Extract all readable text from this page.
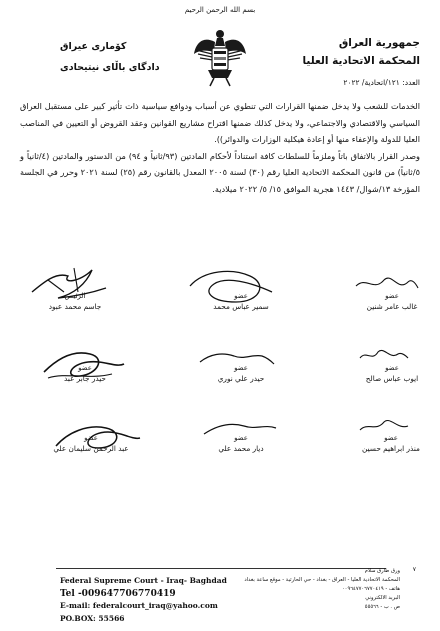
بسم الله الرحمن الرحيم
جمهورية العراق
المحكمة الاتحادية العليا
كۆمارى عيراق
دادگاى باڵاى نيتيحادى
العدد: ١٢١/اتحادية/ ٢٠٢٢

الخدمات للشعب ولا يدخل ضمنها القرارات التي تنطوي عن أسباب ودوافع سياسية ذات تأثير كبير على مستقبل العراق السياسي والاقتصادي والاجتماعي، ولا يدخل كذلك ضمنها اقتراح مشاريع القوانين وعقد القروض أو التعيين في المناصب العليا للدولة والإعفاء منها أو إعادة هيكلية الوزارات والدوائر)).

وصدر القرار بالاتفاق باتاً وملزماً للسلطات كافة استناداً لأحكام المادتين (٩٣/ثانياً و ٩٤) من الدستور والمادتين (٤/ثانياً و ٥/ثانياً) من قانون المحكمة الاتحادية العليا رقم (٣٠) لسنة ٢٠٠٥ المعدل بالقانون رقم (٢٥) لسنة ٢٠٢١ وحرر في الجلسة المؤرخة ١٣/شوال/ ١٤٤٣ هجرية الموافق ١٥/ ٥/ ٢٠٢٢ ميلادية.

عضو
غالب عامر شنين
عضو
سمير عباس محمد
الرئيس
جاسم محمد عبود
عضو
ايوب عباس صالح
عضو
حيدر علي نوري
عضو
حيدر جابر عبد
عضو
منذر ابراهيم حسين
عضو
ديار محمد علي
عضو
عبد الرحمن سليمان علي
٧
Federal Supreme Court - Iraq- Baghdad
Tel -009647706770419
E-mail: federalcourt_iraq@yahoo.com
PO.BOX: 55566
ورق طارق سلام
المحكمة الاتحادية العليا - العراق - بغداد - حي الحارثية - موقع ساعة بغداد
هاتف - ٠٠٩٦٤٧٧٠٦٧٧٠٤١٩
البريد الالكتروني
ص . ب - ٥٥٥٦٦
